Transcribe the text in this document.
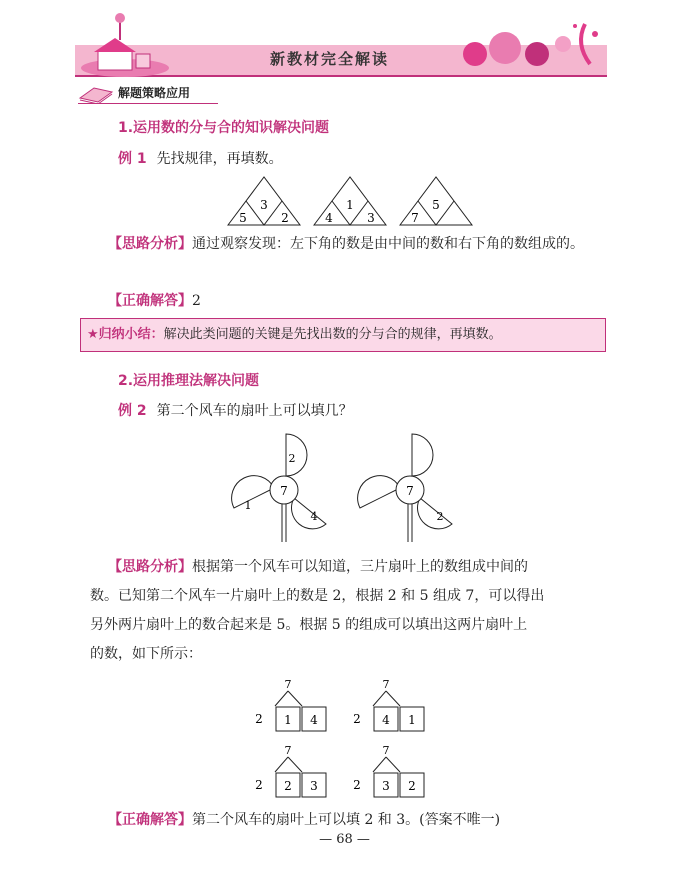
新教材完全解读
解题策略应用
1.运用数的分与合的知识解决问题
例 1 先找规律，再填数。
3
5	2
1
4	3
5
7
【思路分析】通过观察发现：左下角的数是由中间的数和右下角的数组成的。
【正确解答】2
★归纳小结：解决此类问题的关键是先找出数的分与合的规律，再填数。
2.运用推理法解决问题
例 2 第二个风车的扇叶上可以填几？
7
2
1
4
7
2
【思路分析】根据第一个风车可以知道，三片扇叶上的数组成中间的
数。已知第二个风车一片扇叶上的数是 2，根据 2 和 5 组成 7，可以得出
另外两片扇叶上的数合起来是 5。根据 5 的组成可以填出这两片扇叶上
的数，如下所示：
7
2 1 4
7
2 4 1
7
2 2 3
7
2 3 2
【正确解答】第二个风车的扇叶上可以填 2 和 3。(答案不唯一)
— 68 —
